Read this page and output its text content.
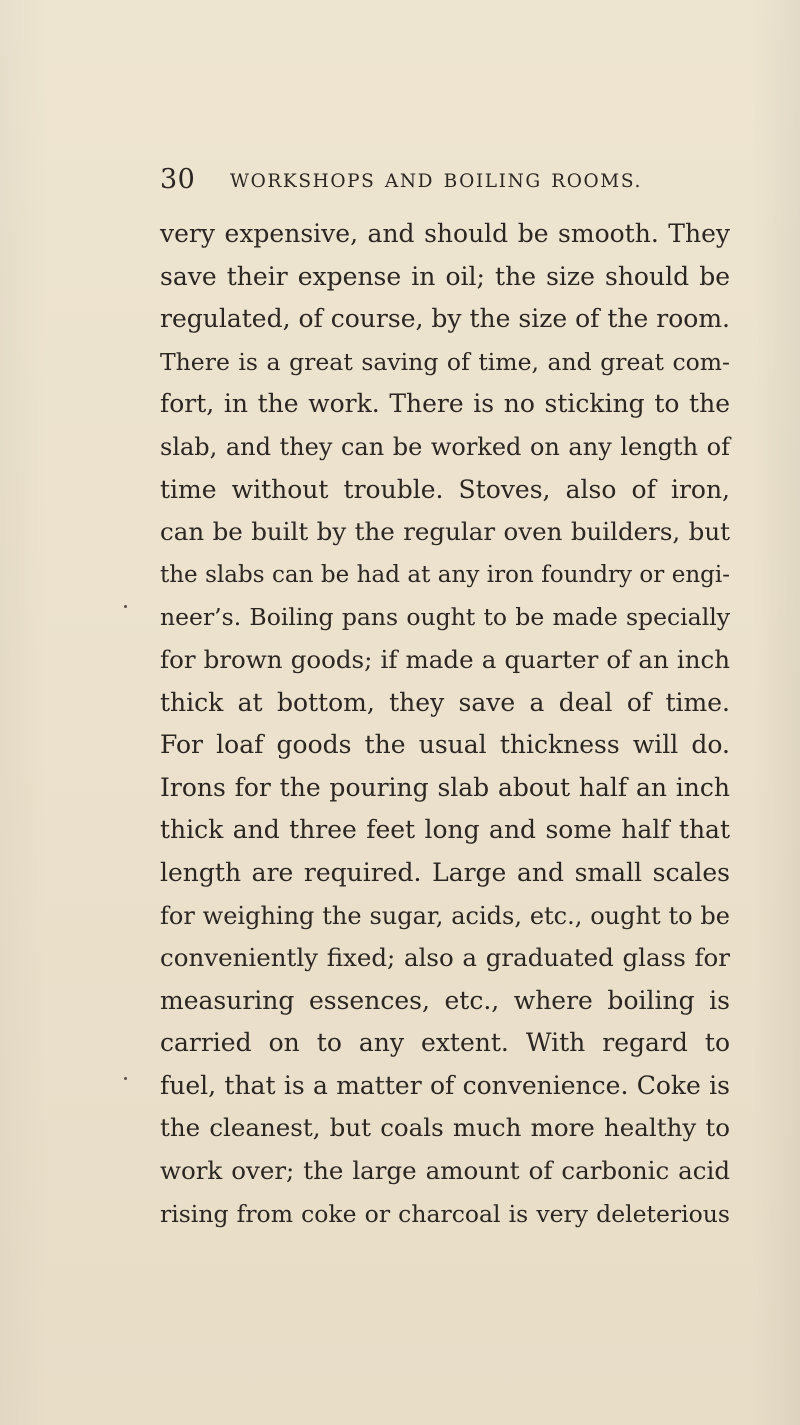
30 WORKSHOPS AND BOILING ROOMS.
very expensive, and should be smooth. They
save their expense in oil; the size should be
regulated, of course, by the size of the room.
There is a great saving of time, and great com-
fort, in the work. There is no sticking to the
slab, and they can be worked on any length of
time without trouble. Stoves, also of iron,
can be built by the regular oven builders, but
the slabs can be had at any iron foundry or engi-
neer’s. Boiling pans ought to be made specially
for brown goods; if made a quarter of an inch
thick at bottom, they save a deal of time.
For loaf goods the usual thickness will do.
Irons for the pouring slab about half an inch
thick and three feet long and some half that
length are required. Large and small scales
for weighing the sugar, acids, etc., ought to be
conveniently fixed; also a graduated glass for
measuring essences, etc., where boiling is
carried on to any extent. With regard to
fuel, that is a matter of convenience. Coke is
the cleanest, but coals much more healthy to
work over; the large amount of carbonic acid
rising from coke or charcoal is very deleterious
